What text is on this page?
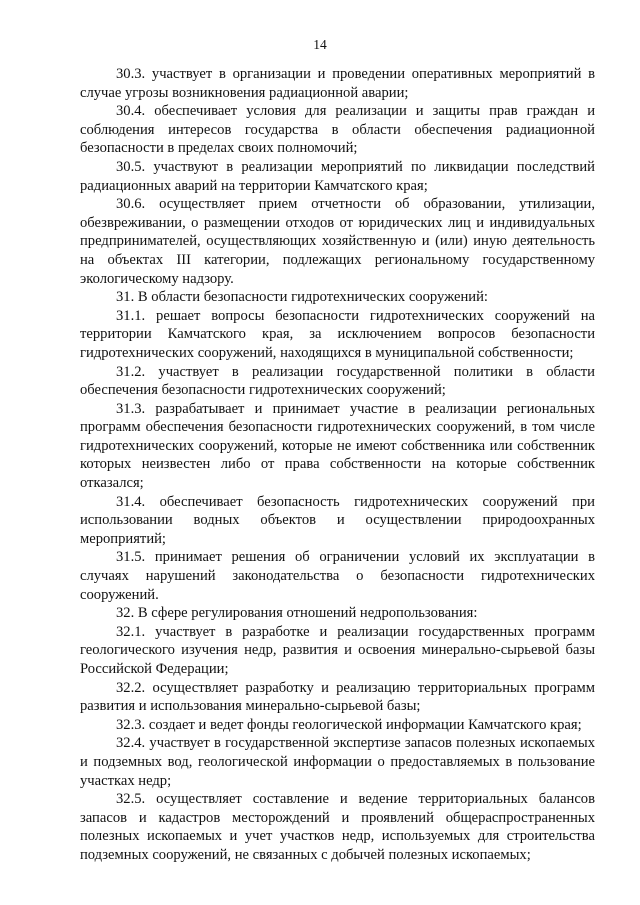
14

30.3. участвует в организации и проведении оперативных мероприятий в случае угрозы возникновения радиационной аварии;

30.4. обеспечивает условия для реализации и защиты прав граждан и соблюдения интересов государства в области обеспечения радиационной безопасности в пределах своих полномочий;

30.5. участвуют в реализации мероприятий по ликвидации последствий радиационных аварий на территории Камчатского края;

30.6. осуществляет прием отчетности об образовании, утилизации, обезвреживании, о размещении отходов от юридических лиц и индивидуальных предпринимателей, осуществляющих хозяйственную и (или) иную деятельность на объектах III категории, подлежащих региональному государственному экологическому надзору.

31. В области безопасности гидротехнических сооружений:

31.1. решает вопросы безопасности гидротехнических сооружений на территории Камчатского края, за исключением вопросов безопасности гидротехнических сооружений, находящихся в муниципальной собственности;

31.2. участвует в реализации государственной политики в области обеспечения безопасности гидротехнических сооружений;

31.3. разрабатывает и принимает участие в реализации региональных программ обеспечения безопасности гидротехнических сооружений, в том числе гидротехнических сооружений, которые не имеют собственника или собственник которых неизвестен либо от права собственности на которые собственник отказался;

31.4. обеспечивает безопасность гидротехнических сооружений при использовании водных объектов и осуществлении природоохранных мероприятий;

31.5. принимает решения об ограничении условий их эксплуатации в случаях нарушений законодательства о безопасности гидротехнических сооружений.

32. В сфере регулирования отношений недропользования:

32.1. участвует в разработке и реализации государственных программ геологического изучения недр, развития и освоения минерально-сырьевой базы Российской Федерации;

32.2. осуществляет разработку и реализацию территориальных программ развития и использования минерально-сырьевой базы;

32.3. создает и ведет фонды геологической информации Камчатского края;

32.4. участвует в государственной экспертизе запасов полезных ископаемых и подземных вод, геологической информации о предоставляемых в пользование участках недр;

32.5. осуществляет составление и ведение территориальных балансов запасов и кадастров месторождений и проявлений общераспространенных полезных ископаемых и учет участков недр, используемых для строительства подземных сооружений, не связанных с добычей полезных ископаемых;
